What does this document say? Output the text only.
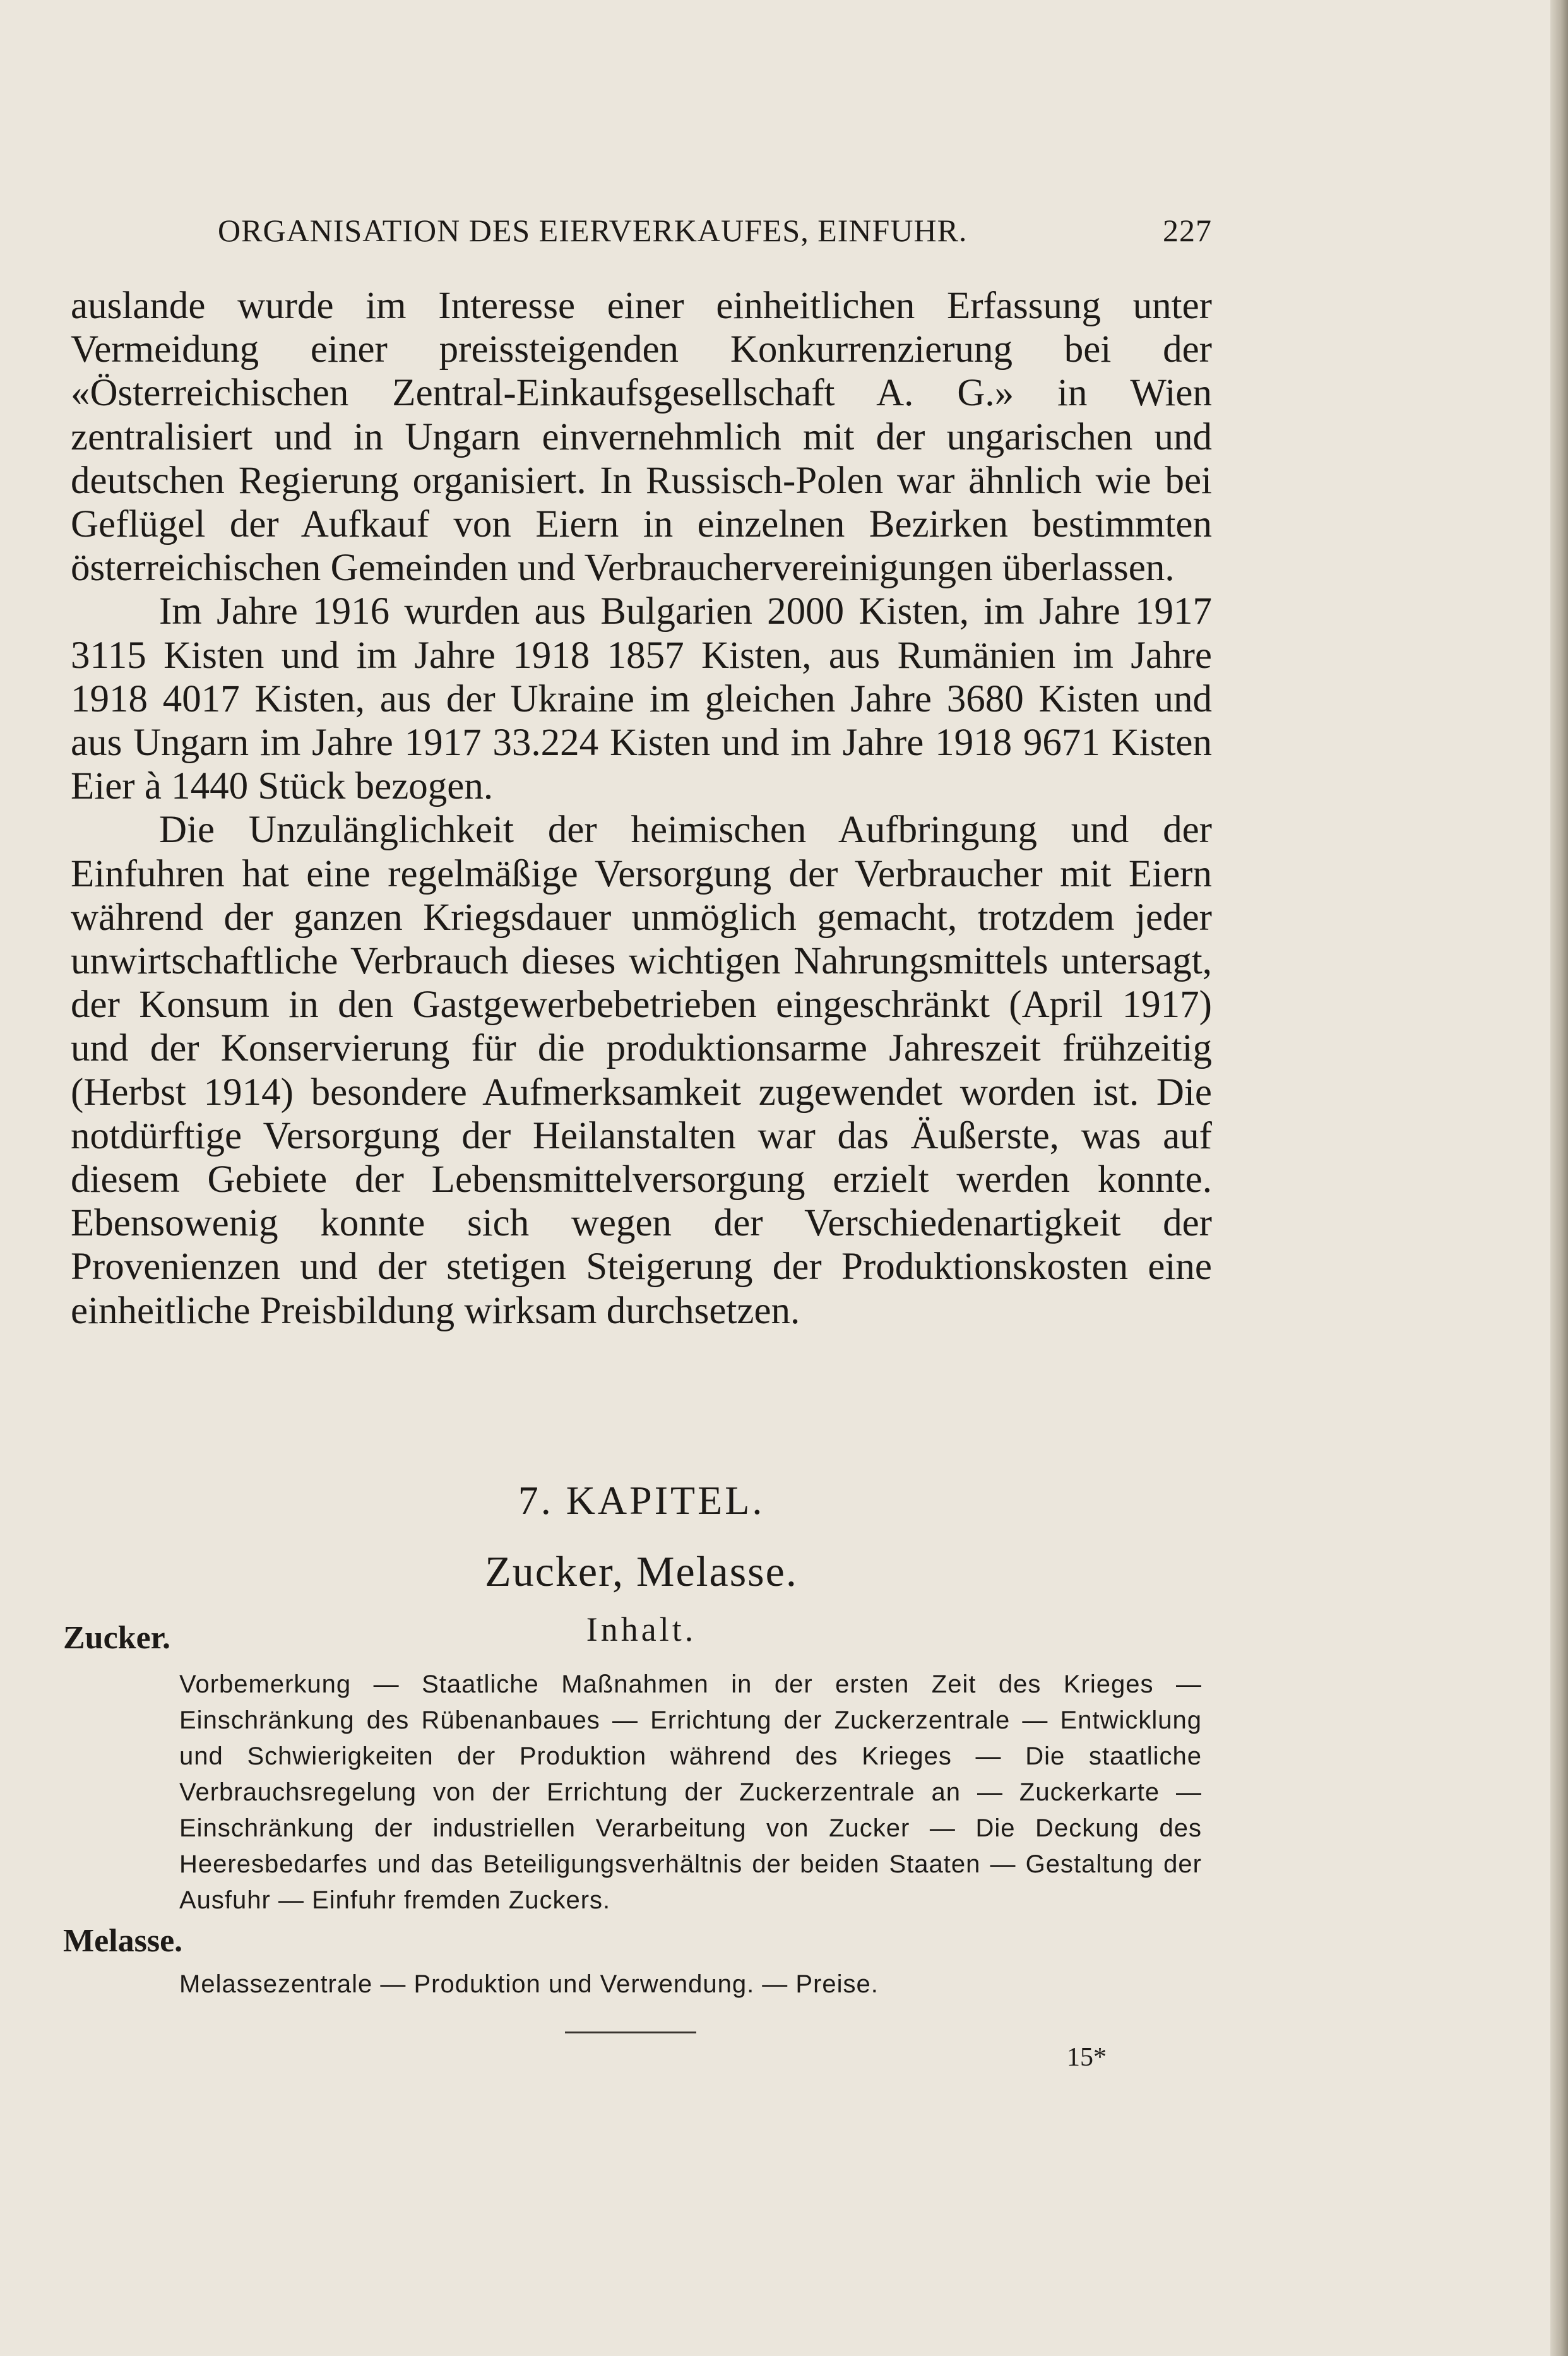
ORGANISATION DES EIERVERKAUFES, EINFUHR.	227

auslande wurde im Interesse einer einheitlichen Erfassung unter Vermeidung einer preissteigenden Konkurrenzierung bei der «Österreichischen Zentral-Einkaufsgesellschaft A. G.» in Wien zentralisiert und in Ungarn einvernehmlich mit der ungarischen und deutschen Regierung organisiert. In Russisch-Polen war ähnlich wie bei Geflügel der Aufkauf von Eiern in einzelnen Bezirken bestimmten österreichischen Gemeinden und Verbrauchervereinigungen überlassen.

Im Jahre 1916 wurden aus Bulgarien 2000 Kisten, im Jahre 1917 3115 Kisten und im Jahre 1918 1857 Kisten, aus Rumänien im Jahre 1918 4017 Kisten, aus der Ukraine im gleichen Jahre 3680 Kisten und aus Ungarn im Jahre 1917 33.224 Kisten und im Jahre 1918 9671 Kisten Eier à 1440 Stück bezogen.

Die Unzulänglichkeit der heimischen Aufbringung und der Einfuhren hat eine regelmäßige Versorgung der Verbraucher mit Eiern während der ganzen Kriegsdauer unmöglich gemacht, trotzdem jeder unwirtschaftliche Verbrauch dieses wichtigen Nahrungsmittels untersagt, der Konsum in den Gastgewerbebetrieben eingeschränkt (April 1917) und der Konservierung für die produktionsarme Jahreszeit frühzeitig (Herbst 1914) besondere Aufmerksamkeit zugewendet worden ist. Die notdürftige Versorgung der Heilanstalten war das Äußerste, was auf diesem Gebiete der Lebensmittelversorgung erzielt werden konnte. Ebensowenig konnte sich wegen der Verschiedenartigkeit der Provenienzen und der stetigen Steigerung der Produktionskosten eine einheitliche Preisbildung wirksam durchsetzen.

7. KAPITEL.
Zucker, Melasse.
Inhalt.
Zucker.
Vorbemerkung — Staatliche Maßnahmen in der ersten Zeit des Krieges — Einschränkung des Rübenanbaues — Errichtung der Zuckerzentrale — Entwicklung und Schwierigkeiten der Produktion während des Krieges — Die staatliche Verbrauchsregelung von der Errichtung der Zuckerzentrale an — Zuckerkarte — Einschränkung der industriellen Verarbeitung von Zucker — Die Deckung des Heeresbedarfes und das Beteiligungsverhältnis der beiden Staaten — Gestaltung der Ausfuhr — Einfuhr fremden Zuckers.
Melasse.
Melassezentrale — Produktion und Verwendung. — Preise.
15*
